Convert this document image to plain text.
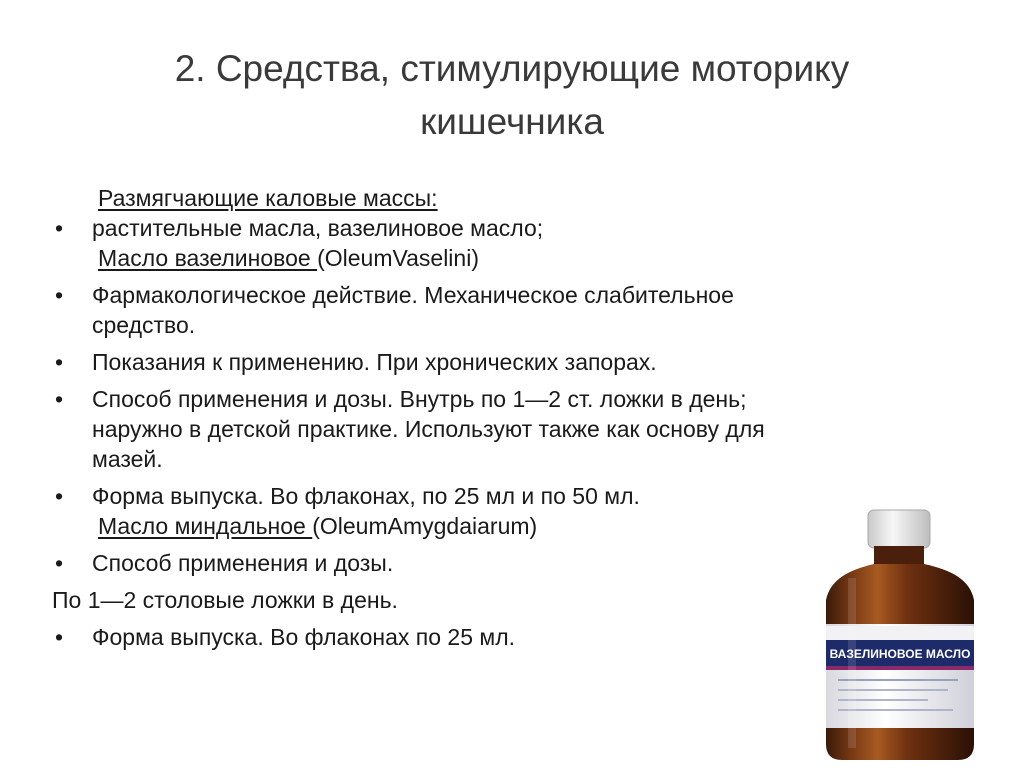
2. Средства, стимулирующие моторику
кишечника

Размягчающие каловые массы:

• растительные масла, вазелиновое масло;

Масло вазелиновое (OleumVaselini)

• Фармакологическое действие. Механическое слабительное
средство.

• Показания к применению. При хронических запорах.

• Способ применения и дозы. Внутрь по 1—2 ст. ложки в день;
наружно в детской практике. Используют также как основу для
мазей.

• Форма выпуска. Во флаконах, по 25 мл и по 50 мл.

Масло миндальное (OleumAmygdaiarum)

• Способ применения и дозы.

По 1—2 столовые ложки в день.

• Форма выпуска. Во флаконах по 25 мл.

ВАЗЕЛИНОВОЕ МАСЛО
